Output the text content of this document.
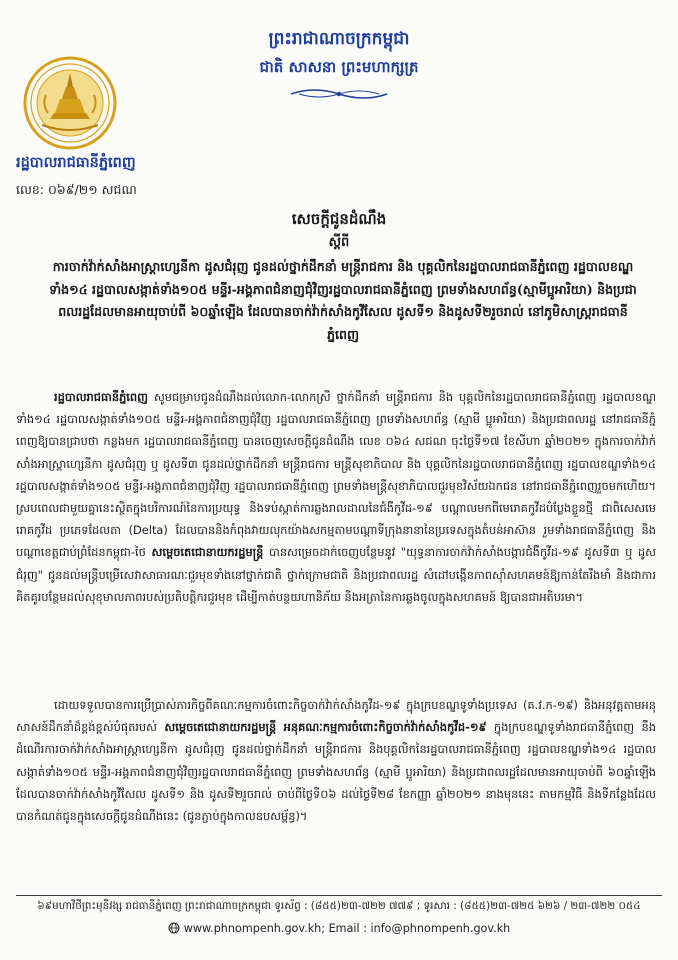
ព្រះរាជាណាចក្រកម្ពុជា
ជាតិ សាសនា ព្រះមហាក្សត្រ
រដ្ឋបាលរាជធានីភ្នំពេញ
លេខ: ០៦៩/២១ សជណ
សេចក្តីជូនដំណឹង
ស្តីពី
ការចាក់វ៉ាក់សាំងអាស្រ្តាហ្សេនីកា ដូសជំរុញ ជូនដល់ថ្នាក់ដឹកនាំ មន្ត្រីរាជការ និង បុគ្គលិកនៃរដ្ឋបាលរាជធានីភ្នំពេញ រដ្ឋបាលខណ្ឌទាំង១៤ រដ្ឋបាលសង្កាត់ទាំង១០៥ មន្ទីរ-អង្គភាពជំនាញជុំវិញរដ្ឋបាលរាជធានីភ្នំពេញ ព្រមទាំងសហព័ន្ធ(ស្មាមីប្អូអារិយា) និងប្រជាពលរដ្ឋដែលមានអាយុចាប់ពី ៦០ឆ្នាំឡើង ដែលបានចាក់វ៉ាក់សាំងកូវីសែល ដូសទី១ និងដូសទី២រួចរាល់ នៅភូមិសាស្ត្ររាជធានីភ្នំពេញ
រដ្ឋបាលរាជធានីភ្នំពេញ សូមជម្រាបជូនដំណឹងដល់លោក-លោកស្រី ថ្នាក់ដឹកនាំ មន្ត្រីរាជការ និង បុគ្គលិកនៃរដ្ឋបាលរាជធានីភ្នំពេញ រដ្ឋបាលខណ្ឌទាំង១៤ រដ្ឋបាលសង្កាត់ទាំង១០៥ មន្ទីរ-អង្គភាពជំនាញជុំវិញ រដ្ឋបាលរាជធានីភ្នំពេញ ព្រមទាំងសហព័ន្ធ (ស្មាមី ប្អូអារិយា) និងប្រជាពលរដ្ឋ នៅរាជធានីភ្នំពេញឱ្យបានជ្រាបថា កន្លងមក រដ្ឋបាលរាជធានីភ្នំពេញ បានចេញសេចក្តីជូនដំណឹង លេខ ០៦៤ សជណ ចុះថ្ងៃទី១៧ ខែសីហា ឆ្នាំ២០២១ ក្នុងការចាក់វ៉ាក់សាំងអាស្រ្តាហ្សេនីកា ដូសជំរុញ ឬ ដូសទី៣ ជូនដល់ថ្នាក់ដឹកនាំ មន្ត្រីរាជការ មន្ត្រីសុខាភិបាល និង បុគ្គលិកនៃរដ្ឋបាលរាជធានីភ្នំពេញ រដ្ឋបាលខណ្ឌទាំង១៤ រដ្ឋបាលសង្កាត់ទាំង១០៥ មន្ទីរ-អង្គភាពជំនាញជុំវិញ រដ្ឋបាលរាជធានីភ្នំពេញ ព្រមទាំងមន្ត្រីសុខាភិបាលជួរមុខវិស័យឯកជន នៅរាជធានីភ្នំពេញរួចមកហើយ។ ស្របពេលជាមួយគ្នានេះស្ថិតក្នុងបរិការណ៍នៃការប្រយុទ្ធ និងទប់ស្កាត់ការឆ្លងរាលដាលនៃជំងឺកូវីដ-១៩ បណ្តាលមកពីមេរោគកូវីដបំប្លែងខ្លួនថ្មី ជាពិសេសមេរោគកូវីដ ប្រភេទដែលតា (Delta) ដែលបាននិងកំពុងវាយលុកយ៉ាងសកម្មតាមបណ្តាទីក្រុងនានានៃប្រទេសក្នុងតំបន់អាស៊ាន រួមទាំងរាជធានីភ្នំពេញ និងបណ្តាខេត្តជាប់ព្រំដែនកម្ពុជា-ថៃ សម្តេចតេជោនាយករដ្ឋមន្ត្រី បានសម្រេចដាក់ចេញបន្ថែមនូវ "យុទ្ធនាការចាក់វ៉ាក់សាំងបង្ការជំងឺកូវីដ-១៩ ដូសទី៣ ឬ ដូសជំរុញ" ជូនដល់មន្ត្រីបម្រើសេវាសាធារណៈជួរមុខទាំងនៅថ្នាក់ជាតិ ថ្នាក់ក្រោមជាតិ និងប្រជាពលរដ្ឋ សំដៅបង្កើនភាពស៊ាំសហគមន៍ឱ្យកាន់តែរឹងមាំ និងជាការគិតគូរបន្ថែមដល់សុខុមាលភាពរបស់ប្រតិបត្តិករជួរមុខ ដើម្បីកាត់បន្ថយហានិភ័យ និងអត្រានៃការឆ្លងចូលក្នុងសហគមន៍ ឱ្យបានជាអតិបរមា។
ដោយទទួលបានការប្រើប្រាស់ភារកិច្ចពីគណៈកម្មការចំពោះកិច្ចចាក់វ៉ាក់សាំងកូវីដ-១៩ ក្នុងក្របខណ្ឌទូទាំងប្រទេស (គ.វ.ក-១៩) និងអនុវត្តតាមអនុសាសន៍ដឹកនាំដ៏ខ្ពង់ខ្ពស់បំផុតរបស់ សម្តេចតេជោនាយករដ្ឋមន្ត្រី អនុគណៈកម្មការចំពោះកិច្ចចាក់វ៉ាក់សាំងកូវីដ-១៩ ក្នុងក្របខណ្ឌទូទាំងរាជធានីភ្នំពេញ នឹងដំណើរការចាក់វ៉ាក់សាំងអាស្រ្តាហ្សេនីកា ដូសជំរុញ ជូនដល់ថ្នាក់ដឹកនាំ មន្ត្រីរាជការ និងបុគ្គលិកនៃរដ្ឋបាលរាជធានីភ្នំពេញ រដ្ឋបាលខណ្ឌទាំង១៤ រដ្ឋបាលសង្កាត់ទាំង១០៥ មន្ទីរ-អង្គភាពជំនាញជុំវិញរដ្ឋបាលរាជធានីភ្នំពេញ ព្រមទាំងសហព័ន្ធ (ស្មាមី ប្អូអារិយា) និងប្រជាពលរដ្ឋដែលមានអាយុចាប់ពី ៦០ឆ្នាំឡើង ដែលបានចាក់វ៉ាក់សាំងកូវីសែល ដូសទី១ និង ដូសទី២រួចរាល់ ចាប់ពីថ្ងៃទី០៦ ដល់ថ្ងៃទី២៨ ខែកញ្ញា ឆ្នាំ២០២១ នាងមុននេះ តាមកម្មវិធី និងទីកន្លែងដែលបានកំណត់ជូនក្នុងសេចក្តីជូនដំណឹងនេះ (ជូនភ្ជាប់ក្នុងកាលឧបសម្ព័ន្ធ)។
៦៩មហាវិថីព្រះមុនីវង្ស រាជធានីភ្នំពេញ ព្រះរាជាណាចក្រកម្ពុជា ទូរស័ព្ទ : (៨៥៥)២៣-៧២២ ៧៧៩ ; ទូរសារ : (៨៥៥)២៣-៧២៥ ៦២៦ / ២៣-៧២២ ០៥៤
www.phnompenh.gov.kh; Email : info@phnompenh.gov.kh
